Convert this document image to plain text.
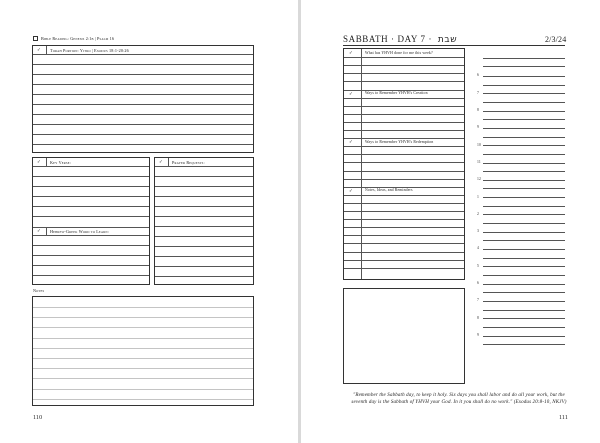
Bible Reading: Genesis 2:1b | Psalm 16
✓ Torah Portion: Yitro | Exodus 18:1-20:26
✓ Key Verse:
✓ Hebrew-Greek Word to Learn:
✓ Prayer Requests:
Notes
110
SABBATH · DAY 7 · שבת	2/3/24
✓	What has YHVH done for me this week?
✓	Ways to Remember YHVH's Creation
✓	Ways to Remember YHVH's Redemption
✓	Notes, Ideas, and Reminders
6
7
8
9
10
11
12
1
2
3
4
5
6
7
8
9
"Remember the Sabbath day, to keep it holy. Six days you shall labor and do all your work, but the seventh day is the Sabbath of YHVH your God. In it you shall do no work." (Exodus 20:8-10, NKJV)
111
